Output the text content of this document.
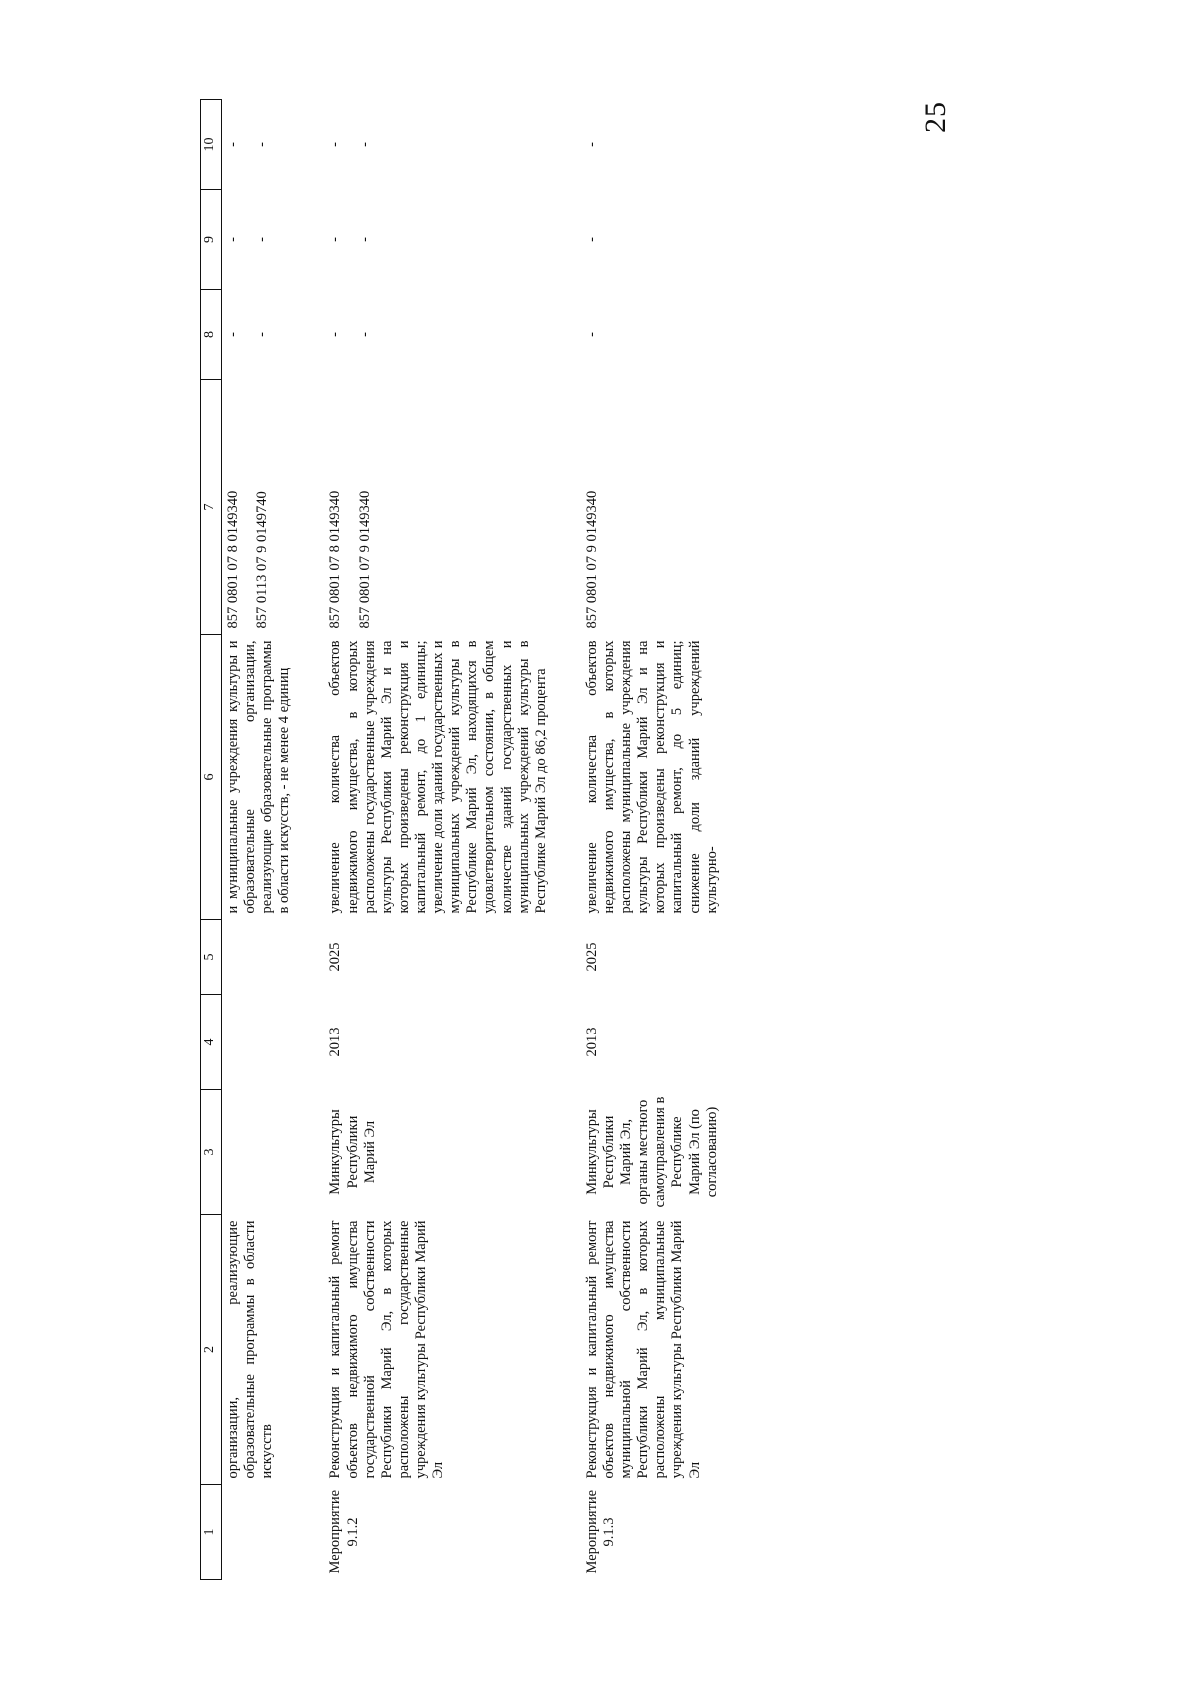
25
1	2	3	4	5	6	7	8	9	10
	организации, реализующие образовательные программы в области искусств				и муниципальные учреждения культуры и образовательные организации, реализующие образовательные программы в области искусств, - не менее 4 единиц	857 0801 07 8 0149340 857 0113 07 9 0149740	- -	- -	- -

Мероприятие 9.1.2	Реконструкция и капитальный ремонт объектов недвижимого имущества государственной собственности Республики Марий Эл, в которых расположены государственные учреждения культуры Республики Марий Эл	Минкультуры Республики Марий Эл	2013	2025	увеличение количества объектов недвижимого имущества, в которых расположены государственные учреждения культуры Республики Марий Эл и на которых произведены реконструкция и капитальный ремонт, до 1 единицы; увеличение доли зданий государственных и муниципальных учреждений культуры в Республике Марий Эл, находящихся в удовлетворительном состоянии, в общем количестве зданий государственных и муниципальных учреждений культуры в Республике Марий Эл до 86,2 процента	857 0801 07 8 0149340 857 0801 07 9 0149340	- -	- -	- -

Мероприятие 9.1.3	Реконструкция и капитальный ремонт объектов недвижимого имущества муниципальной собственности Республики Марий Эл, в которых расположены муниципальные учреждения культуры Республики Марий Эл	Минкультуры Республики Марий Эл, органы местного самоуправления в Республике Марий Эл (по согласованию)	2013	2025	увеличение количества объектов недвижимого имущества, в которых расположены муниципальные учреждения культуры Республики Марий Эл и на которых произведены реконструкция и капитальный ремонт, до 5 единиц; снижение доли зданий учреждений культурно-	857 0801 07 9 0149340	-	-	-
